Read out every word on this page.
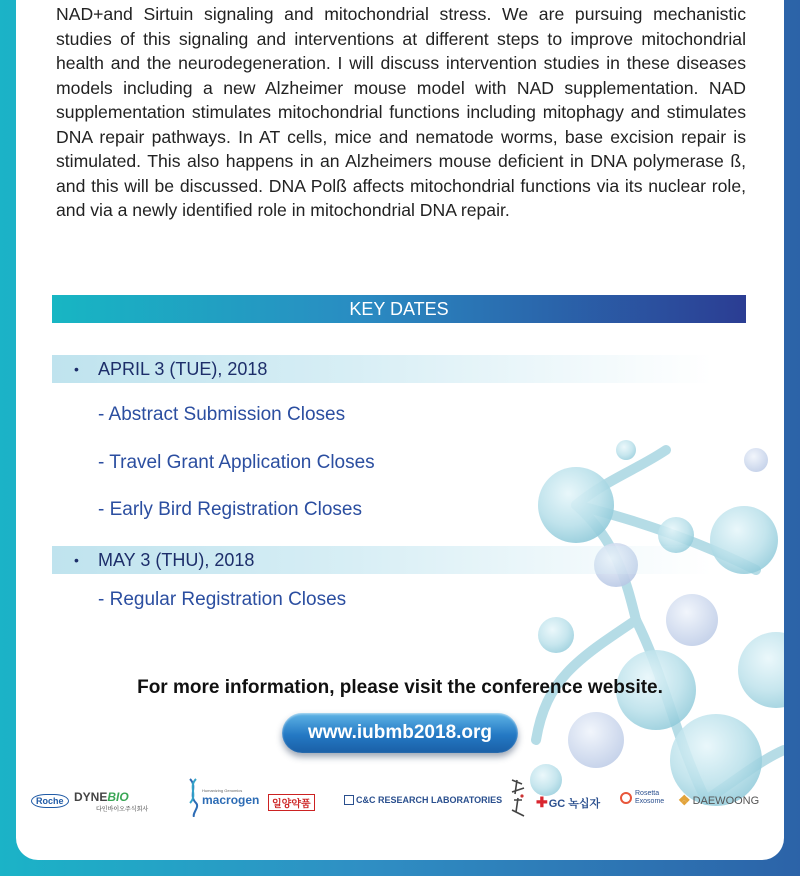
NAD+and Sirtuin signaling and mitochondrial stress. We are pursuing mechanistic studies of this signaling and interventions at different steps to improve mitochondrial health and the neurodegeneration. I will discuss intervention studies in these diseases models including a new Alzheimer mouse model with NAD supplementation. NAD supplementation stimulates mitochondrial functions including mitophagy and stimulates DNA repair pathways. In AT cells, mice and nematode worms, base excision repair is stimulated. This also happens in an Alzheimers mouse deficient in DNA polymerase ß, and this will be discussed. DNA Polß affects mitochondrial functions via its nuclear role, and via a newly identified role in mitochondrial DNA repair.

KEY DATES
• APRIL 3 (TUE), 2018
- Abstract Submission Closes
- Travel Grant Application Closes
- Early Bird Registration Closes
• MAY 3 (THU), 2018
- Regular Registration Closes
For more information, please visit the conference website.
www.iubmb2018.org
Roche DYNEBIO
다인바이오주식회사
Humanizing Genomics
macrogen	일양약품	C&C RESEARCH LABORATORIES ✚ GC 녹십자
Rosetta
Exosome ❖ DAEWOONG
